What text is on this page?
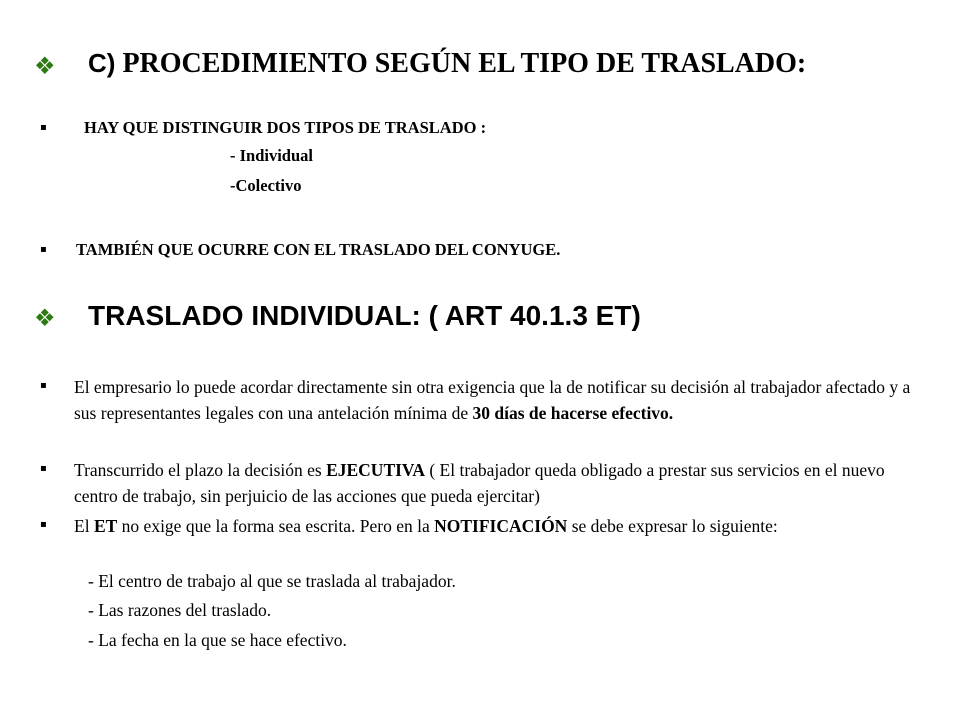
❖ C) PROCEDIMIENTO SEGÚN EL TIPO DE TRASLADO:
▪ HAY QUE DISTINGUIR DOS TIPOS DE TRASLADO :
- Individual
-Colectivo
▪ TAMBIÉN QUE OCURRE CON EL TRASLADO DEL CONYUGE.
❖ TRASLADO INDIVIDUAL: ( ART 40.1.3 ET)
▪ El empresario lo puede acordar directamente sin otra exigencia que la de notificar su decisión al trabajador afectado y a sus representantes legales con una antelación mínima de 30 días de hacerse efectivo.
▪ Transcurrido el plazo la decisión es EJECUTIVA ( El trabajador queda obligado a prestar sus servicios en el nuevo centro de trabajo, sin perjuicio de las acciones que pueda ejercitar)
▪ El ET no exige que la forma sea escrita. Pero en la NOTIFICACIÓN se debe expresar lo siguiente:
- El centro de trabajo al que se traslada al trabajador.
- Las razones del traslado.
- La fecha en la que se hace efectivo.
